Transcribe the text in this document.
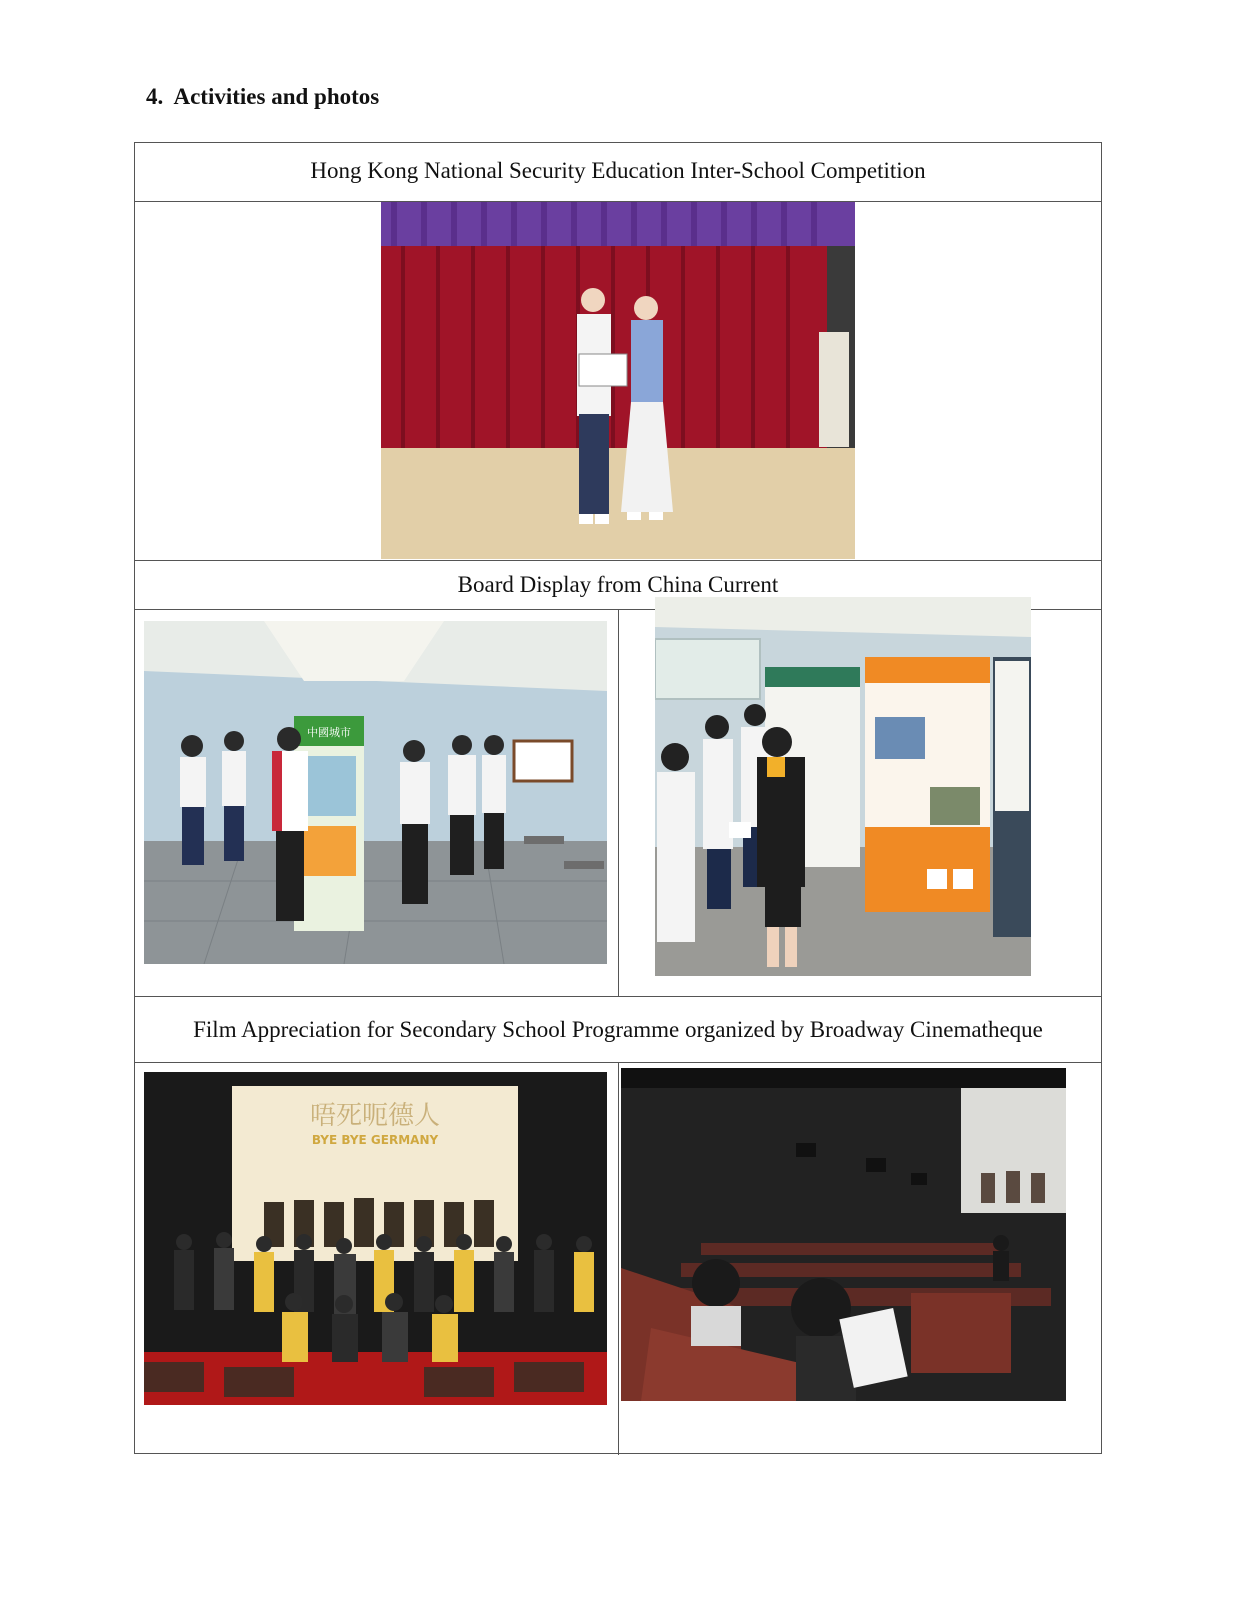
4. Activities and photos
Hong Kong National Security Education Inter-School Competition
Board Display from China Current
Film Appreciation for Secondary School Programme organized by Broadway Cinematheque
中國城市
唔死呃德人
BYE BYE GERMANY
